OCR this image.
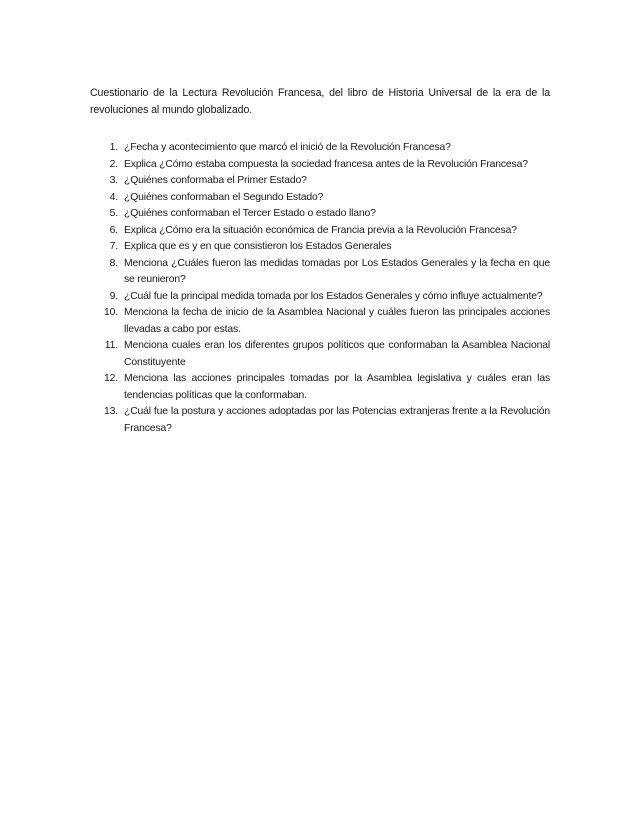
Cuestionario de la Lectura Revolución Francesa, del libro de Historia Universal de la era de la revoluciones al mundo globalizado.

1. ¿Fecha y acontecimiento que marcó el inició de la Revolución Francesa?
2. Explica ¿Cómo estaba compuesta la sociedad francesa antes de la Revolución Francesa?
3. ¿Quiénes conformaba el Primer Estado?
4. ¿Quiénes conformaban el Segundo Estado?
5. ¿Quiénes conformaban el Tercer Estado o estado llano?
6. Explica ¿Cómo era la situación económica de Francia previa a la Revolución Francesa?
7. Explica que es y en que consistieron los Estados Generales
8. Menciona ¿Cuáles fueron las medidas tomadas por Los Estados Generales y la fecha en que se reunieron?
9. ¿Cuál fue la principal medida tomada por los Estados Generales y cómo influye actualmente?
10. Menciona la fecha de inicio de la Asamblea Nacional y cuáles fueron las principales acciones llevadas a cabo por estas.
11. Menciona cuales eran los diferentes grupos políticos que conformaban la Asamblea Nacional Constituyente
12. Menciona las acciones principales tomadas por la Asamblea legislativa y cuáles eran las tendencias políticas que la conformaban.
13. ¿Cuál fue la postura y acciones adoptadas por las Potencias extranjeras frente a la Revolución Francesa?
